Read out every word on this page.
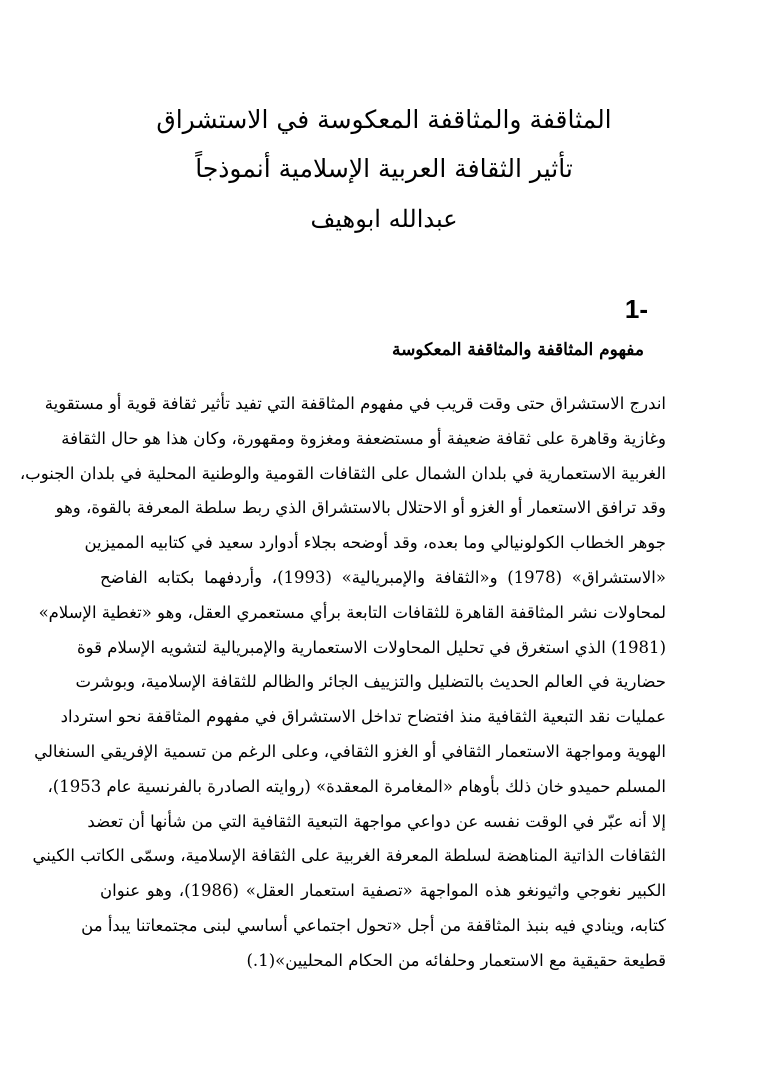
المثاقفة والمثاقفة المعكوسة في الاستشراق
تأثير الثقافة العربية الإسلامية أنموذجاً
عبدالله ابوهيف
1-
مفهوم المثاقفة والمثاقفة المعكوسة
اندرج الاستشراق حتى وقت قريب في مفهوم المثاقفة التي تفيد تأثير ثقافة قوية أو مستقوية
وغازية وقاهرة على ثقافة ضعيفة أو مستضعفة ومغزوة ومقهورة، وكان هذا هو حال الثقافة
الغربية الاستعمارية في بلدان الشمال على الثقافات القومية والوطنية المحلية في بلدان الجنوب،
وقد ترافق الاستعمار أو الغزو أو الاحتلال بالاستشراق الذي ربط سلطة المعرفة بالقوة، وهو
جوهر الخطاب الكولونيالي وما بعده، وقد أوضحه بجلاء أدوارد سعيد في كتابيه المميزين
«الاستشراق» (1978) و«الثقافة والإمبريالية» (1993)، وأردفهما بكتابه الفاضح
لمحاولات نشر المثاقفة القاهرة للثقافات التابعة برأي مستعمري العقل، وهو «تغطية الإسلام»
(1981) الذي استغرق في تحليل المحاولات الاستعمارية والإمبريالية لتشويه الإسلام قوة
حضارية في العالم الحديث بالتضليل والتزييف الجائر والظالم للثقافة الإسلامية، وبوشرت
عمليات نقد التبعية الثقافية منذ افتضاح تداخل الاستشراق في مفهوم المثاقفة نحو استرداد
الهوية ومواجهة الاستعمار الثقافي أو الغزو الثقافي، وعلى الرغم من تسمية الإفريقي السنغالي
المسلم حميدو خان ذلك بأوهام «المغامرة المعقدة» (روايته الصادرة بالفرنسية عام 1953)،
إلا أنه عبّر في الوقت نفسه عن دواعي مواجهة التبعية الثقافية التي من شأنها أن تعضد
الثقافات الذاتية المناهضة لسلطة المعرفة الغربية على الثقافة الإسلامية، وسمّى الكاتب الكيني
الكبير نغوجي واثيونغو هذه المواجهة «تصفية استعمار العقل» (1986)، وهو عنوان
كتابه، وينادي فيه بنبذ المثاقفة من أجل «تحول اجتماعي أساسي لبنى مجتمعاتنا يبدأ من
قطيعة حقيقية مع الاستعمار وحلفائه من الحكام المحليين»(1.)
